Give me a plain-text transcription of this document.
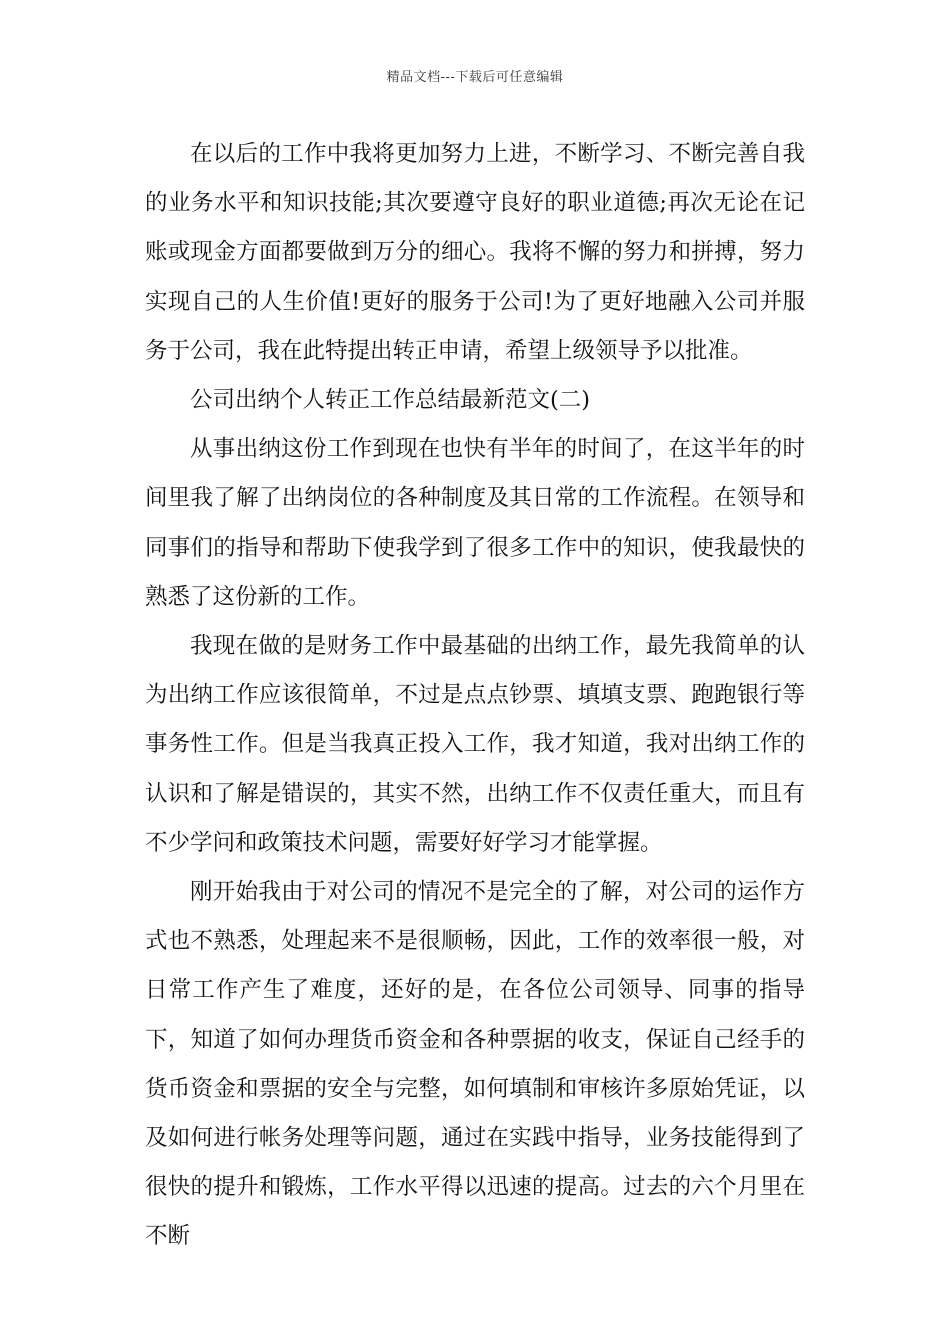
精品文档---下载后可任意编辑

在以后的工作中我将更加努力上进，不断学习、不断完善自我的业务水平和知识技能;其次要遵守良好的职业道德;再次无论在记账或现金方面都要做到万分的细心。我将不懈的努力和拼搏，努力实现自己的人生价值!更好的服务于公司!为了更好地融入公司并服务于公司，我在此特提出转正申请，希望上级领导予以批准。

公司出纳个人转正工作总结最新范文(二)

从事出纳这份工作到现在也快有半年的时间了，在这半年的时间里我了解了出纳岗位的各种制度及其日常的工作流程。在领导和同事们的指导和帮助下使我学到了很多工作中的知识，使我最快的熟悉了这份新的工作。

我现在做的是财务工作中最基础的出纳工作，最先我简单的认为出纳工作应该很简单，不过是点点钞票、填填支票、跑跑银行等事务性工作。但是当我真正投入工作，我才知道，我对出纳工作的认识和了解是错误的，其实不然，出纳工作不仅责任重大，而且有不少学问和政策技术问题，需要好好学习才能掌握。

刚开始我由于对公司的情况不是完全的了解，对公司的运作方式也不熟悉，处理起来不是很顺畅，因此，工作的效率很一般，对日常工作产生了难度，还好的是，在各位公司领导、同事的指导下，知道了如何办理货币资金和各种票据的收支，保证自己经手的货币资金和票据的安全与完整，如何填制和审核许多原始凭证，以及如何进行帐务处理等问题，通过在实践中指导，业务技能得到了很快的提升和锻炼，工作水平得以迅速的提高。过去的六个月里在不断
